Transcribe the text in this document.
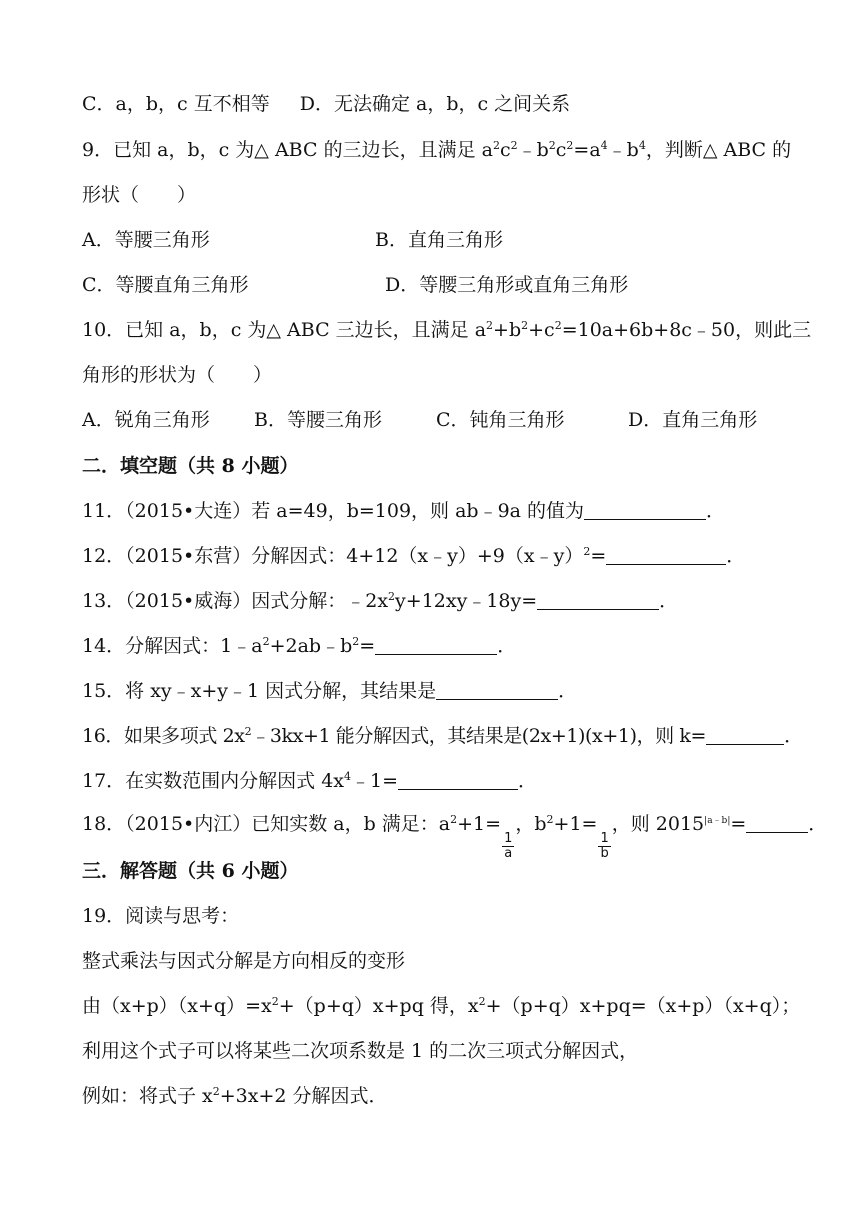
C．a，b，c 互不相等 D．无法确定 a，b，c 之间关系
9．已知 a，b，c 为△ ABC 的三边长，且满足 $a^2c^2﹣b^2c^2=a^4﹣b^4$，判断△ ABC 的
形状（　　）
A．等腰三角形	B．直角三角形
C．等腰直角三角形	D．等腰三角形或直角三角形
10．已知 a，b，c 为△ ABC 三边长，且满足 $a^2+b^2+c^2=10a+6b+8c﹣50$，则此三
角形的形状为（　　）
A．锐角三角形 B．等腰三角形	C．钝角三角形	D．直角三角形
二．填空题（共 8 小题）
11．（2015•大连）若 a=49，b=109，则 ab﹣9a 的值为	．
12．（2015•东营）分解因式：4+12（x﹣y）+9（x﹣y）$^2$=	．
13．（2015•威海）因式分解：$﹣2x^2y+12xy﹣18y=$	．
14．分解因式：$1﹣a^2+2ab﹣b^2=$	．
15．将 xy﹣x+y﹣1 因式分解，其结果是	．
16．如果多项式 $2x^2﹣3kx+1$ 能分解因式，其结果是(2x+1)(x+1)，则 k=	．
17．在实数范围内分解因式 $4x^4﹣1=$	．
18．（2015•内江）已知实数 a，b 满足：$a^2+1=$
$\frac{1}{a}$
，$b^2+1=$
$\frac{1}{b}$
，则 $2015^{|a﹣b|}=$	．
三．解答题（共 6 小题）
19．阅读与思考：
整式乘法与因式分解是方向相反的变形
由$(x+p)(x+q)=x^2+(p+q)x+pq$ 得，$x^2+(p+q)x+pq=(x+p)(x+q)$；
利用这个式子可以将某些二次项系数是 1 的二次三项式分解因式，
例如：将式子 $x^2+3x+2$ 分解因式．
